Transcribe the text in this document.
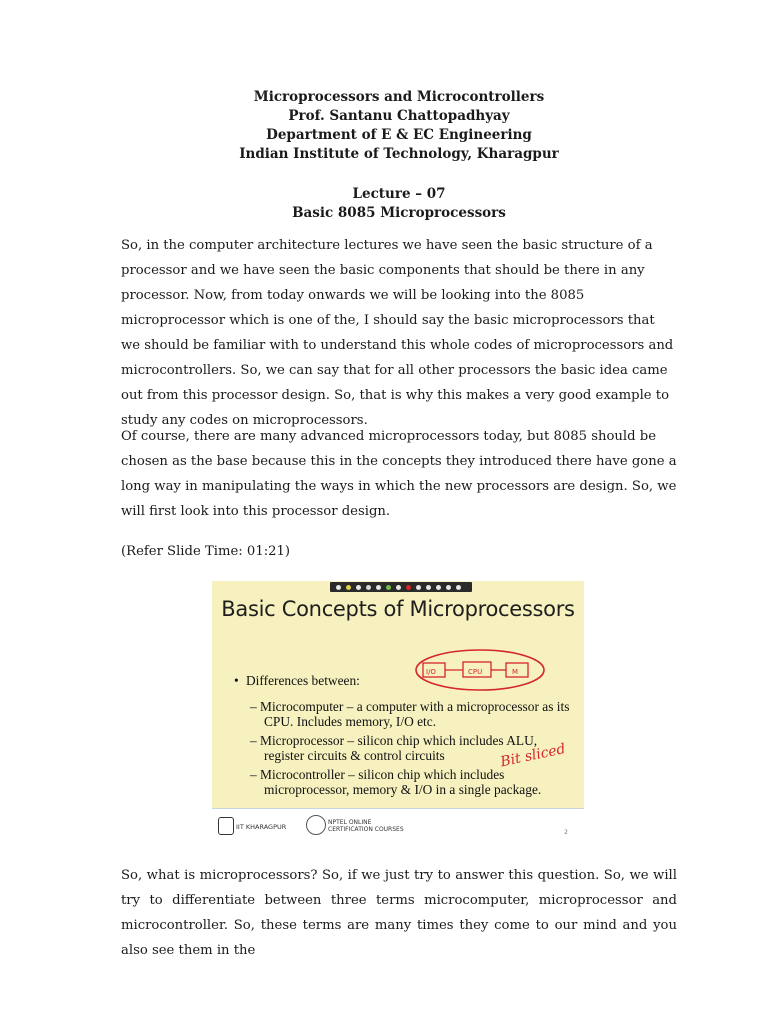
Microprocessors and Microcontrollers
Prof. Santanu Chattopadhyay
Department of E & EC Engineering
Indian Institute of Technology, Kharagpur
Lecture – 07
Basic 8085 Microprocessors

So, in the computer architecture lectures we have seen the basic structure of a processor and we have seen the basic components that should be there in any processor. Now, from today onwards we will be looking into the 8085 microprocessor which is one of the, I should say the basic microprocessors that we should be familiar with to understand this whole codes of microprocessors and microcontrollers. So, we can say that for all other processors the basic idea came out from this processor design. So, that is why this makes a very good example to study any codes on microprocessors.

Of course, there are many advanced microprocessors today, but 8085 should be chosen as the base because this in the concepts they introduced there have gone a long way in manipulating the ways in which the new processors are design. So, we will first look into this processor design.

(Refer Slide Time: 01:21)

Basic Concepts of Microprocessors
I/O	CPU	M
Bit sliced
• Differences between:
– Microcomputer – a computer with a microprocessor as its CPU. Includes memory, I/O etc.
– Microprocessor – silicon chip which includes ALU, register circuits & control circuits
– Microcontroller – silicon chip which includes microprocessor, memory & I/O in a single package.
IIT KHARAGPUR
NPTEL ONLINE
CERTIFICATION COURSES	2

So, what is microprocessors? So, if we just try to answer this question. So, we will try to differentiate between three terms microcomputer, microprocessor and microcontroller. So, these terms are many times they come to our mind and you also see them in the
